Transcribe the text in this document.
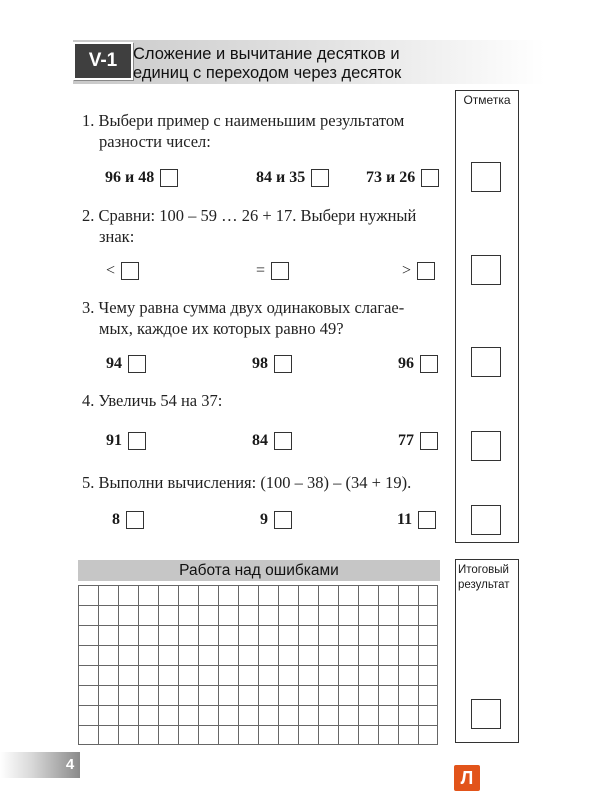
V-1 Сложение и вычитание десятков и
единиц с переходом через десяток
Отметка
1. Выбери пример с наименьшим результатом
разности чисел:
96 и 48	84 и 35	73 и 26
2. Сравни: 100 – 59 … 26 + 17. Выбери нужный
знак:
<	=	>
3. Чему равна сумма двух одинаковых слагае-
мых, каждое их которых равно 49?
94	98	96
4. Увеличь 54 на 37:
91	84	77
5. Выполни вычисления: (100 – 38) – (34 + 19).
8	9	11
Работа над ошибками	Итоговый
результат
4
Л
